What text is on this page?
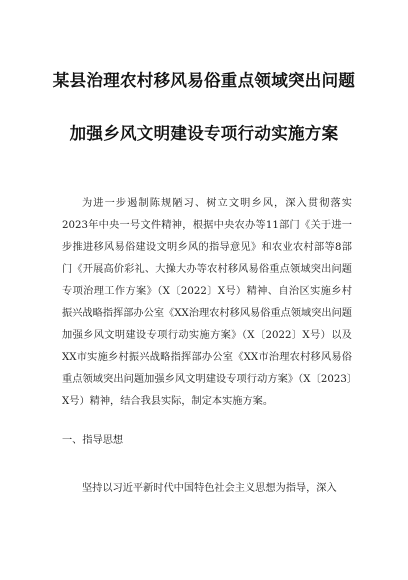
某县治理农村移风易俗重点领域突出问题
加强乡风文明建设专项行动实施方案
为进一步遏制陈规陋习、树立文明乡风，深入贯彻落实2023年中央一号文件精神，根据中央农办等11部门《关于进一步推进移风易俗建设文明乡风的指导意见》和农业农村部等8部门《开展高价彩礼、大操大办等农村移风易俗重点领域突出问题专项治理工作方案》（X〔2022〕X号）精神、自治区实施乡村振兴战略指挥部办公室《XX治理农村移风易俗重点领域突出问题加强乡风文明建设专项行动实施方案》（X〔2022〕X号）以及XX市实施乡村振兴战略指挥部办公室《XX市治理农村移风易俗重点领域突出问题加强乡风文明建设专项行动方案》（X〔2023〕X号）精神，结合我县实际，制定本实施方案。
一、指导思想
坚持以习近平新时代中国特色社会主义思想为指导，深入
